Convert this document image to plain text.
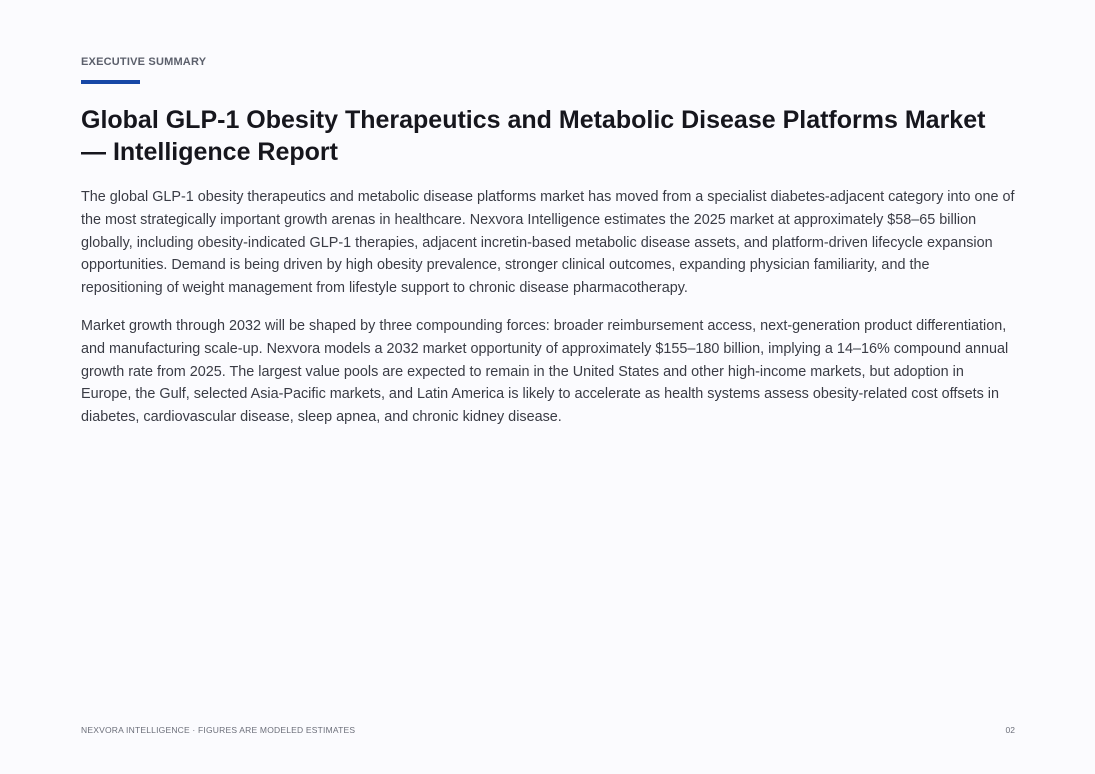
EXECUTIVE SUMMARY
Global GLP-1 Obesity Therapeutics and Metabolic Disease Platforms Market — Intelligence Report

The global GLP-1 obesity therapeutics and metabolic disease platforms market has moved from a specialist diabetes-adjacent category into one of the most strategically important growth arenas in healthcare. Nexvora Intelligence estimates the 2025 market at approximately $58–65 billion globally, including obesity-indicated GLP-1 therapies, adjacent incretin-based metabolic disease assets, and platform-driven lifecycle expansion opportunities. Demand is being driven by high obesity prevalence, stronger clinical outcomes, expanding physician familiarity, and the repositioning of weight management from lifestyle support to chronic disease pharmacotherapy.

Market growth through 2032 will be shaped by three compounding forces: broader reimbursement access, next-generation product differentiation, and manufacturing scale-up. Nexvora models a 2032 market opportunity of approximately $155–180 billion, implying a 14–16% compound annual growth rate from 2025. The largest value pools are expected to remain in the United States and other high-income markets, but adoption in Europe, the Gulf, selected Asia-Pacific markets, and Latin America is likely to accelerate as health systems assess obesity-related cost offsets in diabetes, cardiovascular disease, sleep apnea, and chronic kidney disease.

NEXVORA INTELLIGENCE · FIGURES ARE MODELED ESTIMATES	02
